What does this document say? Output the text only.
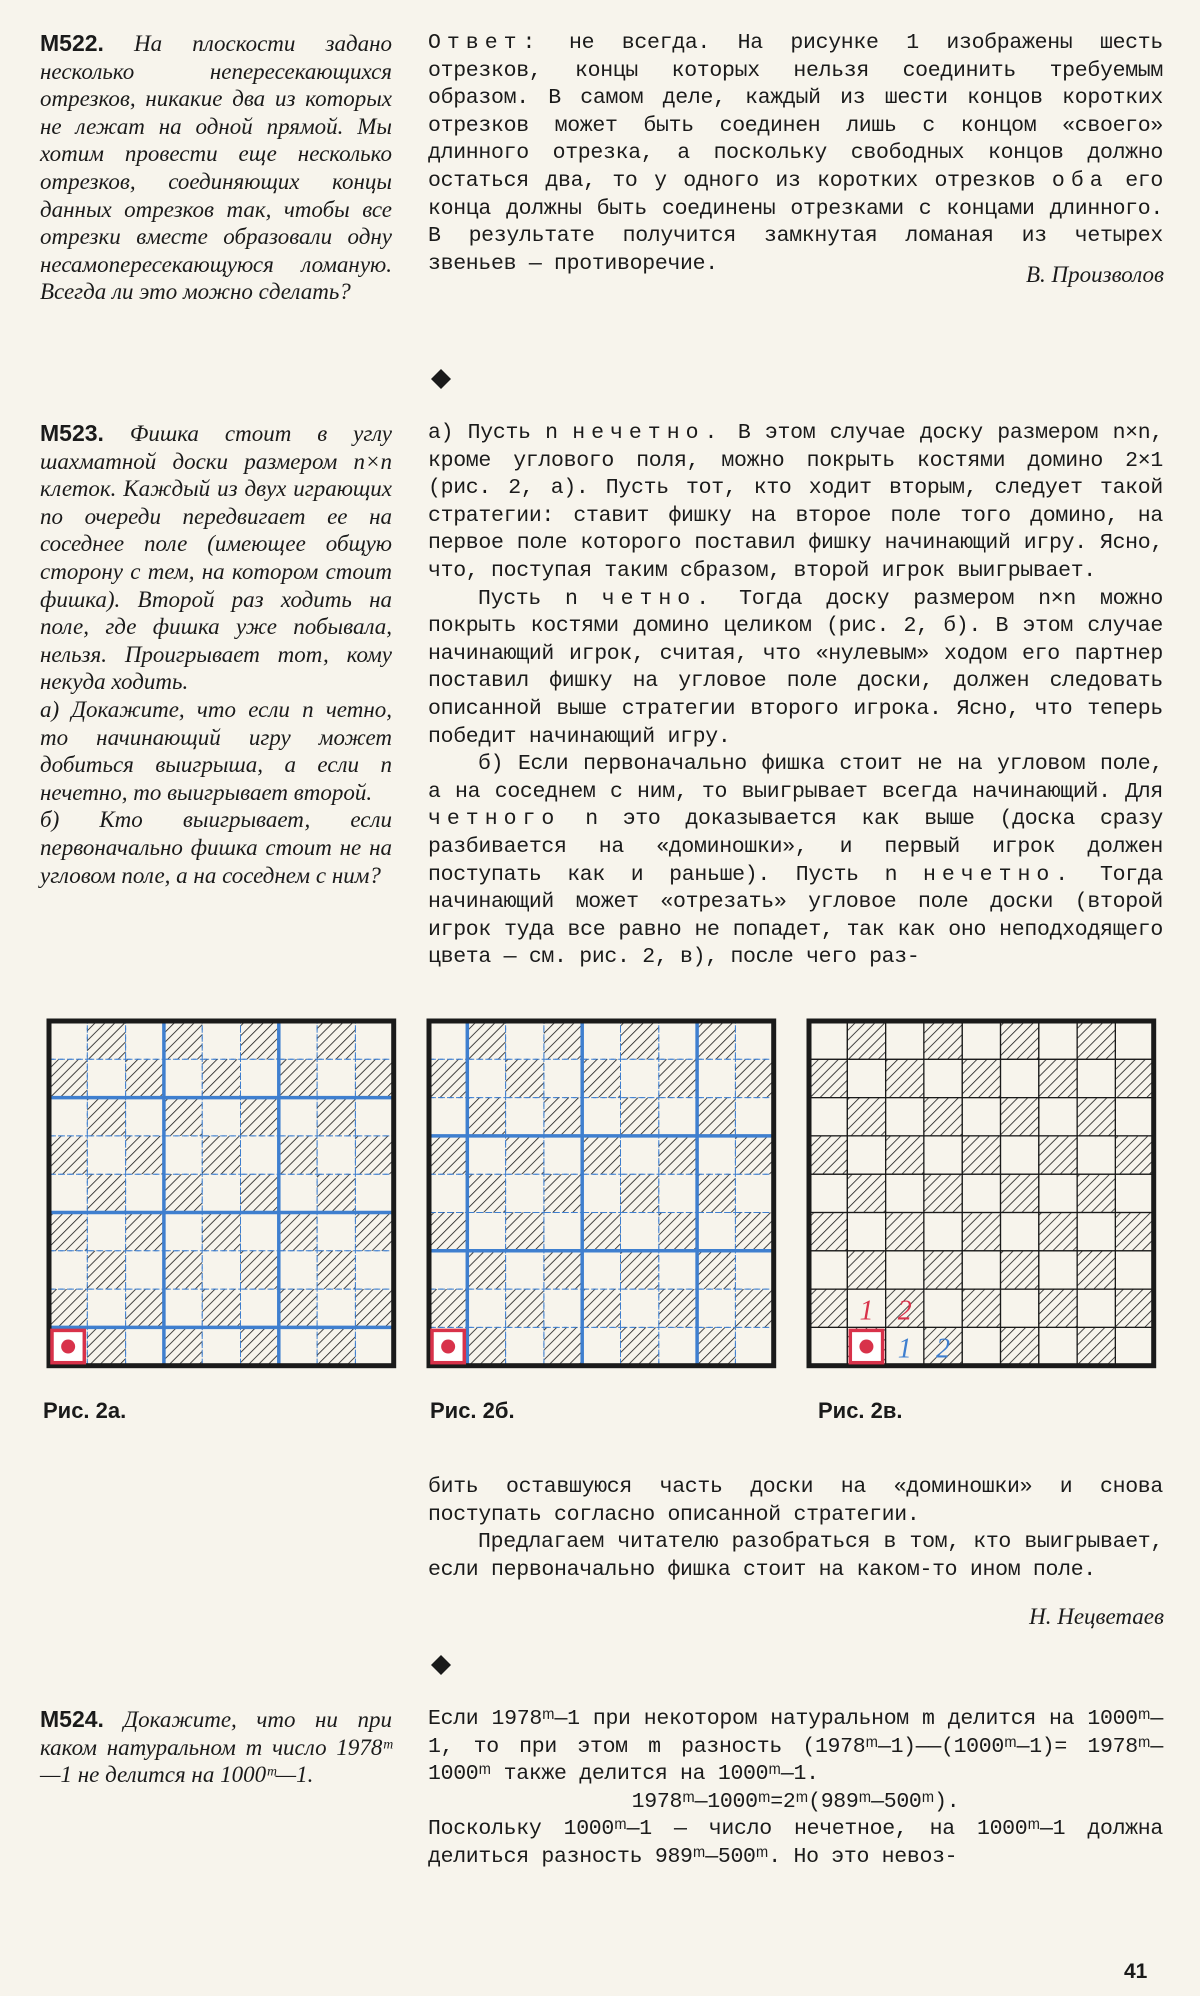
М522. На плоскости задано несколько непересекающихся отрезков, никакие два из которых не лежат на одной прямой. Мы хотим провести еще несколько отрезков, соединяющих концы данных отрезков так, чтобы все отрезки вместе образовали одну несамопересекающуюся ломаную. Всегда ли это можно сделать?

Ответ: не всегда. На рисунке 1 изображены шесть отрезков, концы которых нельзя соединить требуемым образом. В самом деле, каждый из шести концов коротких отрезков может быть соединен лишь с концом «своего» длинного отрезка, а поскольку свободных концов должно остаться два, то у одного из коротких отрезков оба его конца должны быть соединены отрезками с концами длинного. В результате получится замкнутая ломаная из четырех звеньев — противоречие.	В. Произволов
М523. Фишка стоит в углу шахматной доски размером n×n клеток. Каждый из двух играющих по очереди передвигает ее на соседнее поле (имеющее общую сторону с тем, на котором стоит фишка). Второй раз ходить на поле, где фишка уже побывала, нельзя. Проигрывает тот, кому некуда ходить.
а) Докажите, что если n четно, то начинающий игру может добиться выигрыша, а если n нечетно, то выигрывает второй.
б) Кто выигрывает, если первоначально фишка стоит не на угловом поле, а на соседнем с ним?

а) Пусть n нечетно. В этом случае доску размером n×n, кроме углового поля, можно покрыть костями домино 2×1 (рис. 2, а). Пусть тот, кто ходит вторым, следует такой стратегии: ставит фишку на второе поле того домино, на первое поле которого поставил фишку начинающий игру. Ясно, что, поступая таким сбразом, второй игрок выигрывает.

Пусть n четно. Тогда доску размером n×n можно покрыть костями домино целиком (рис. 2, б). В этом случае начинающий игрок, считая, что «нулевым» ходом его партнер поставил фишку на угловое поле доски, должен следовать описанной выше стратегии второго игрока. Ясно, что теперь победит начинающий игру.

б) Если первоначально фишка стоит не на угловом поле, а на соседнем с ним, то выигрывает всегда начинающий. Для четного n это доказывается как выше (доска сразу разбивается на «доминошки», и первый игрок должен поступать как и раньше). Пусть n нечетно. Тогда начинающий может «отрезать» угловое поле доски (второй игрок туда все равно не попадет, так как оно неподходящего цвета — см. рис. 2, в), после чего раз-

1 2
1 2
Рис. 2а.	Рис. 2б.	Рис. 2в.

бить оставшуюся часть доски на «доминошки» и снова поступать согласно описанной стратегии.

Предлагаем читателю разобраться в том, кто выигрывает, если первоначально фишка стоит на каком-то ином поле.

Н. Нецветаев
М524. Докажите, что ни при каком натуральном m число 1978ᵐ—1 не делится на 1000ᵐ—1.

Если 1978ᵐ—1 при некотором натуральном m делится на 1000ᵐ—1, то при этом m разность (1978ᵐ—1)——(1000ᵐ—1)= 1978ᵐ—1000ᵐ также делится на 1000ᵐ—1.

1978ᵐ—1000ᵐ=2ᵐ(989ᵐ—500ᵐ).

Поскольку 1000ᵐ—1 — число нечетное, на 1000ᵐ—1 должна делиться разность 989ᵐ—500ᵐ. Но это невоз-

41
